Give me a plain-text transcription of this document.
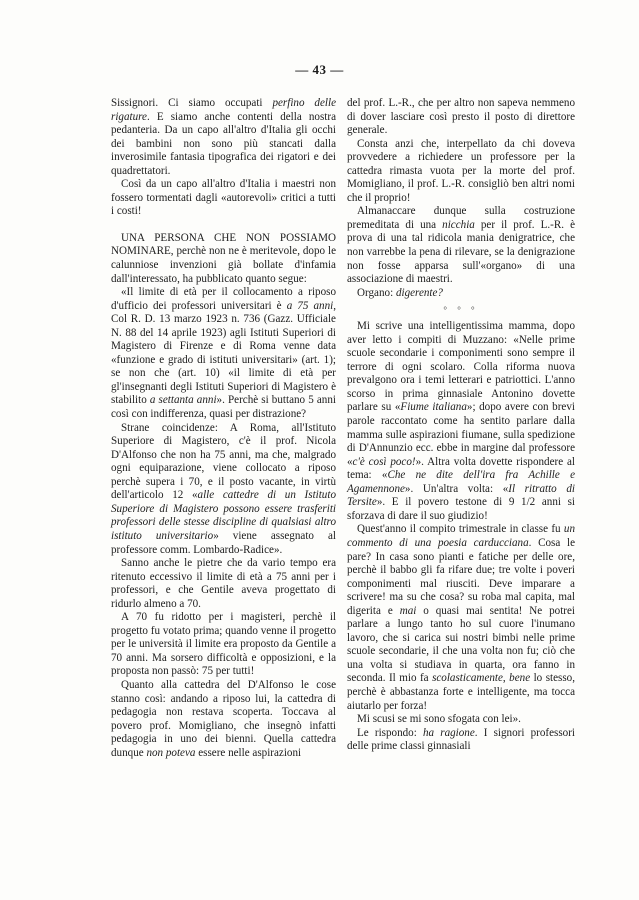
— 43 —

Sissignori. Ci siamo occupati perfino delle rigature. E siamo anche contenti della nostra pedanteria. Da un capo all'altro d'Italia gli occhi dei bambini non sono più stancati dalla inverosimile fantasia tipografica dei rigatori e dei quadrettatori.

Così da un capo all'altro d'Italia i maestri non fossero tormentati dagli «autorevoli» critici a tutti i costi!

UNA PERSONA CHE NON POSSIAMO NOMINARE, perchè non ne è meritevole, dopo le calunniose invenzioni già bollate d'infamia dall'interessato, ha pubblicato quanto segue:

«Il limite di età per il collocamento a riposo d'ufficio dei professori universitari è a 75 anni, Col R. D. 13 marzo 1923 n. 736 (Gazz. Ufficiale N. 88 del 14 aprile 1923) agli Istituti Superiori di Magistero di Firenze e di Roma venne data «funzione e grado di istituti universitari» (art. 1); se non che (art. 10) «il limite di età per gl'insegnanti degli Istituti Superiori di Magistero è stabilito a settanta anni». Perchè si buttano 5 anni così con indifferenza, quasi per distrazione?

Strane coincidenze: A Roma, all'Istituto Superiore di Magistero, c'è il prof. Nicola D'Alfonso che non ha 75 anni, ma che, malgrado ogni equiparazione, viene collocato a riposo perchè supera i 70, e il posto vacante, in virtù dell'articolo 12 «alle cattedre di un Istituto Superiore di Magistero possono essere trasferiti professori delle stesse discipline di qualsiasi altro istituto universitario» viene assegnato al professore comm. Lombardo-Radice».

Sanno anche le pietre che da vario tempo era ritenuto eccessivo il limite di età a 75 anni per i professori, e che Gentile aveva progettato di ridurlo almeno a 70.

A 70 fu ridotto per i magisteri, perchè il progetto fu votato prima; quando venne il progetto per le università il limite era proposto da Gentile a 70 anni. Ma sorsero difficoltà e opposizioni, e la proposta non passò: 75 per tutti!

Quanto alla cattedra del D'Alfonso le cose stanno così: andando a riposo lui, la cattedra di pedagogia non restava scoperta. Toccava al povero prof. Momigliano, che insegnò infatti pedagogia in uno dei bienni. Quella cattedra dunque non poteva essere nelle aspirazioni

del prof. L.-R., che per altro non sapeva nemmeno di dover lasciare così presto il posto di direttore generale.

Consta anzi che, interpellato da chi doveva provvedere a richiedere un professore per la cattedra rimasta vuota per la morte del prof. Momigliano, il prof. L.-R. consigliò ben altri nomi che il proprio!

Almanaccare dunque sulla costruzione premeditata di una nicchia per il prof. L.-R. è prova di una tal ridicola mania denigratrice, che non varrebbe la pena di rilevare, se la denigrazione non fosse apparsa sull'«organo» di una associazione di maestri.

Organo: digerente?

° ° °

Mi scrive una intelligentissima mamma, dopo aver letto i compiti di Muzzano: «Nelle prime scuole secondarie i componimenti sono sempre il terrore di ogni scolaro. Colla riforma nuova prevalgono ora i temi letterari e patriottici. L'anno scorso in prima ginnasiale Antonino dovette parlare su «Fiume italiana»; dopo avere con brevi parole raccontato come ha sentito parlare dalla mamma sulle aspirazioni fiumane, sulla spedizione di D'Annunzio ecc. ebbe in margine dal professore «c'è così poco!». Altra volta dovette rispondere al tema: «Che ne dite dell'ira fra Achille e Agamennone». Un'altra volta: «Il ritratto di Tersite». E il povero testone di 9 1/2 anni si sforzava di dare il suo giudizio!

Quest'anno il compito trimestrale in classe fu un commento di una poesia carducciana. Cosa le pare? In casa sono pianti e fatiche per delle ore, perchè il babbo gli fa rifare due; tre volte i poveri componimenti mal riusciti. Devе imparare a scrivere! ma su che cosa? su roba mal capita, mal digerita e mai o quasi mai sentita! Ne potrei parlare a lungo tanto ho sul cuore l'inumano lavoro, che si carica sui nostri bimbi nelle prime scuole secondarie, il che una volta non fu; ciò che una volta si studiava in quarta, ora fanno in seconda. Il mio fa scolasticamente, bene lo stesso, perchè è abbastanza forte e intelligente, ma tocca aiutarlo per forza!

Mi scusi se mi sono sfogata con lei».

Le rispondo: ha ragione. I signori professori delle prime classi ginnasiali
